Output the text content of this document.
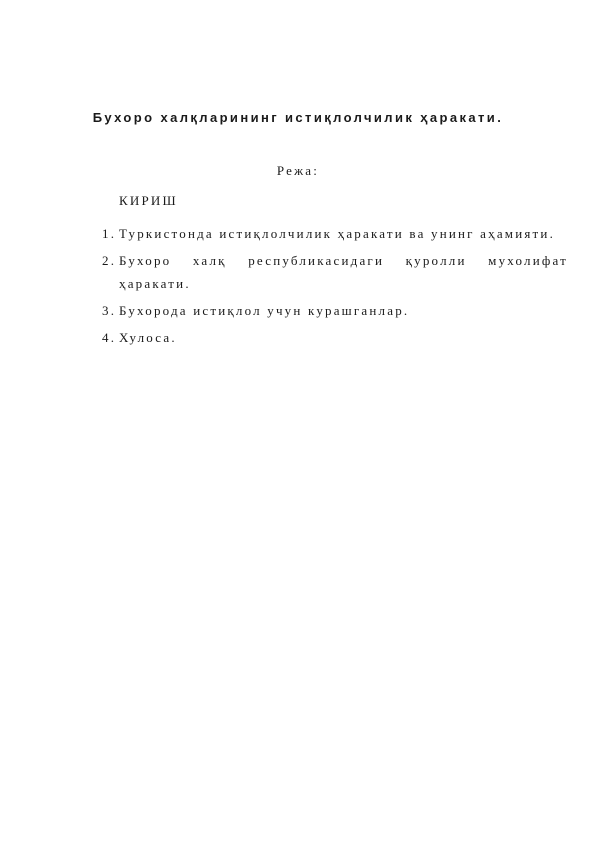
Бухоро халқларининг истиқлолчилик ҳаракати.
Режа:
КИРИШ
1. Туркистонда истиқлолчилик ҳаракати ва унинг аҳамияти.
2. Бухоро халқ республикасидаги қуролли мухолифат ҳаракати.
3. Бухорода истиқлол учун курашганлар.
4. Хулоса.
